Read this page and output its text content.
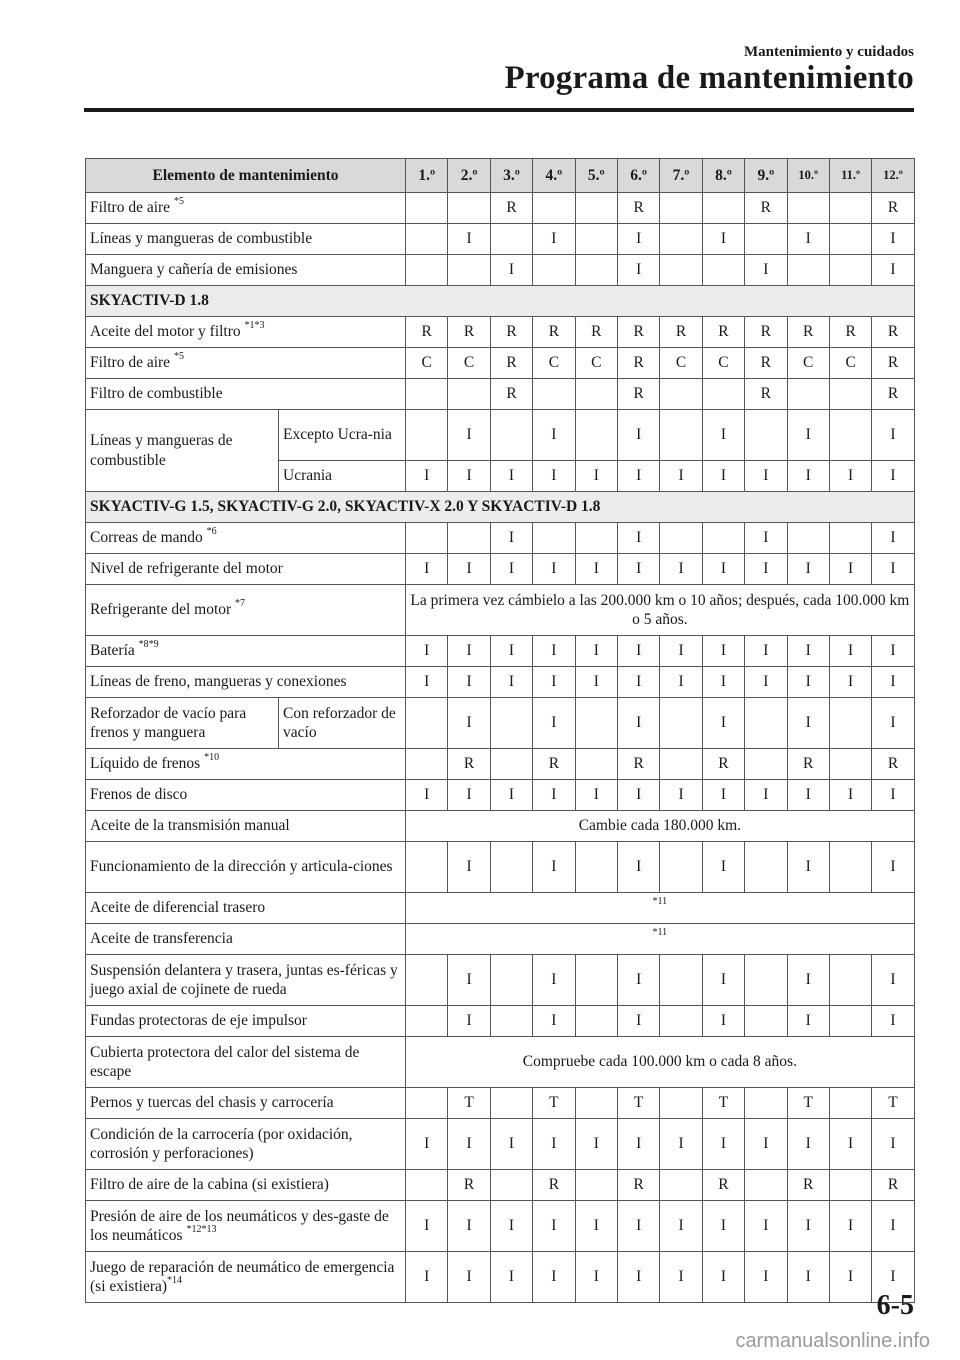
Mantenimiento y cuidados
Programa de mantenimiento
Elemento de mantenimiento		1.º	2.º	3.º	4.º	5.º	6.º	7.º	8.º	9.º	10.º	11.º	12.º
Filtro de aire $^{*5}$				R			R			R			R
Líneas y mangueras de combustible			I		I		I		I		I		I
Manguera y cañería de emisiones				I			I			I			I
SKYACTIV-D 1.8													
Aceite del motor y filtro $^{*1*3}$		R	R	R	R	R	R	R	R	R	R	R	R
Filtro de aire $^{*5}$		C	C	R	C	C	R	C	C	R	C	C	R
Filtro de combustible				R			R			R			R
Líneas y mangueras de combustible	Excepto Ucra-nia		I		I		I		I		I		I
	Ucrania	I	I	I	I	I	I	I	I	I	I	I	I
SKYACTIV-G 1.5, SKYACTIV-G 2.0, SKYACTIV-X 2.0 Y SKYACTIV-D 1.8													
Correas de mando $^{*6}$				I			I			I			I
Nivel de refrigerante del motor		I	I	I	I	I	I	I	I	I	I	I	I
Refrigerante del motor $^{*7}$		La primera vez cámbielo a las 200.000 km o 10 años; después, cada 100.000 km o 5 años.											
Batería $^{*8*9}$		I	I	I	I	I	I	I	I	I	I	I	I
Líneas de freno, mangueras y conexiones		I	I	I	I	I	I	I	I	I	I	I	I
Reforzador de vacío para frenos y manguera	Con reforzador de vacío		I		I		I		I		I		I
Líquido de frenos $^{*10}$			R		R		R		R		R		R
Frenos de disco		I	I	I	I	I	I	I	I	I	I	I	I
Aceite de la transmisión manual		Cambie cada 180.000 km.											
Funcionamiento de la dirección y articula-ciones			I		I		I		I		I		I
Aceite de diferencial trasero		$^{*11}$
Aceite de transferencia		$^{*11}$
Suspensión delantera y trasera, juntas es-féricas y juego axial de cojinete de rueda			I		I		I		I		I		I
Fundas protectoras de eje impulsor			I		I		I		I		I		I
Cubierta protectora del calor del sistema de escape		Compruebe cada 100.000 km o cada 8 años.											
Pernos y tuercas del chasis y carrocería			T		T		T		T		T		T
Condición de la carrocería (por oxidación, corrosión y perforaciones)		I	I	I	I	I	I	I	I	I	I	I	I
Filtro de aire de la cabina (si existiera)			R		R		R		R		R		R
Presión de aire de los neumáticos y des-gaste de los neumáticos $^{*12*13}$		I	I	I	I	I	I	I	I	I	I	I	I
Juego de reparación de neumático de emergencia (si existiera)$^{*14}$		I	I	I	I	I	I	I	I	I	I	I	I
6-5
carmanualsonline.info
